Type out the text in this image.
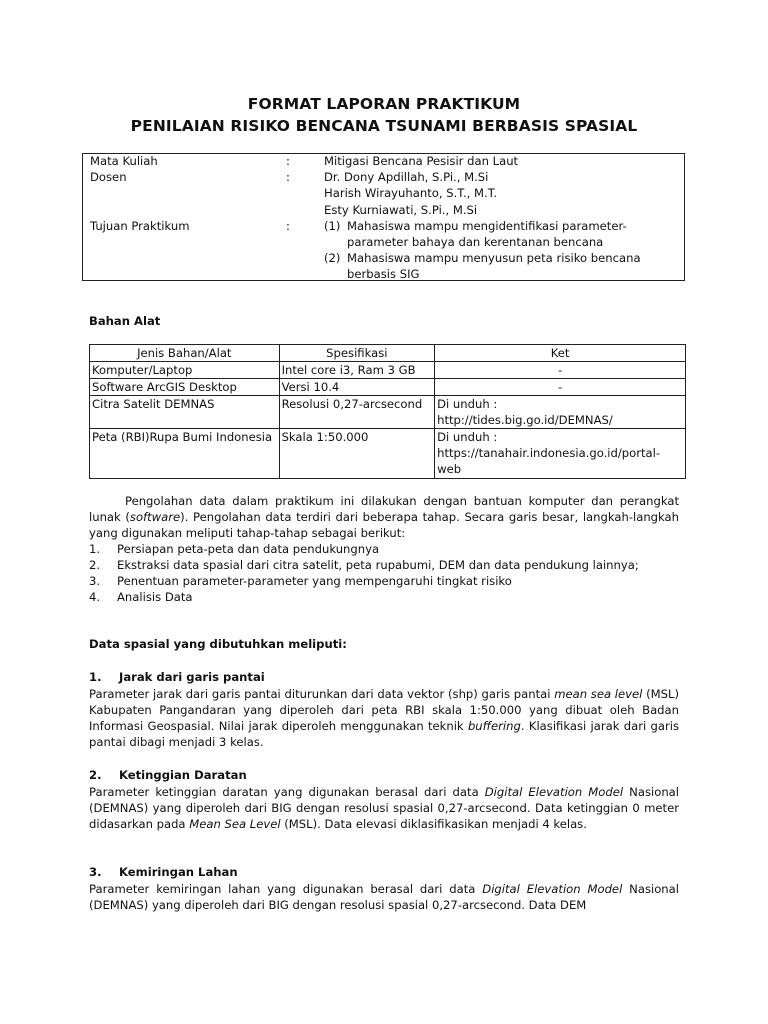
FORMAT LAPORAN PRAKTIKUM
PENILAIAN RISIKO BENCANA TSUNAMI BERBASIS SPASIAL
Mata Kuliah	:	Mitigasi Bencana Pesisir dan Laut
Dosen	:	Dr. Dony Apdillah, S.Pi., M.Si
Harish Wirayuhanto, S.T., M.T.
Esty Kurniawati, S.Pi., M.Si
Tujuan Praktikum	:	(1) Mahasiswa mampu mengidentifikasi parameter-
parameter bahaya dan kerentanan bencana
(2) Mahasiswa mampu menyusun peta risiko bencana
berbasis SIG
Bahan Alat
Jenis Bahan/Alat	Spesifikasi	Ket
Komputer/Laptop	Intel core i3, Ram 3 GB	-
Software ArcGIS Desktop	Versi 10.4	-
Citra Satelit DEMNAS	Resolusi 0,27-arcsecond	Di unduh :
http://tides.big.go.id/DEMNAS/

Peta (RBI)Rupa Bumi Indonesia	Skala 1:50.000	Di unduh :
https://tanahair.indonesia.go.id/portal-web
Pengolahan data dalam praktikum ini dilakukan dengan bantuan komputer dan perangkat lunak (software). Pengolahan data terdiri dari beberapa tahap. Secara garis besar, langkah-langkah yang digunakan meliputi tahap-tahap sebagai berikut:
1. Persiapan peta-peta dan data pendukungnya
2. Ekstraksi data spasial dari citra satelit, peta rupabumi, DEM dan data pendukung lainnya;
3. Penentuan parameter-parameter yang mempengaruhi tingkat risiko
4. Analisis Data
Data spasial yang dibutuhkan meliputi:
1. Jarak dari garis pantai
Parameter jarak dari garis pantai diturunkan dari data vektor (shp) garis pantai mean sea level (MSL) Kabupaten Pangandaran yang diperoleh dari peta RBI skala 1:50.000 yang dibuat oleh Badan Informasi Geospasial. Nilai jarak diperoleh menggunakan teknik buffering. Klasifikasi jarak dari garis pantai dibagi menjadi 3 kelas.
2. Ketinggian Daratan
Parameter ketinggian daratan yang digunakan berasal dari data Digital Elevation Model Nasional (DEMNAS) yang diperoleh dari BIG dengan resolusi spasial 0,27-arcsecond. Data ketinggian 0 meter didasarkan pada Mean Sea Level (MSL). Data elevasi diklasifikasikan menjadi 4 kelas.
3. Kemiringan Lahan
Parameter kemiringan lahan yang digunakan berasal dari data Digital Elevation Model Nasional (DEMNAS) yang diperoleh dari BIG dengan resolusi spasial 0,27-arcsecond. Data DEM
